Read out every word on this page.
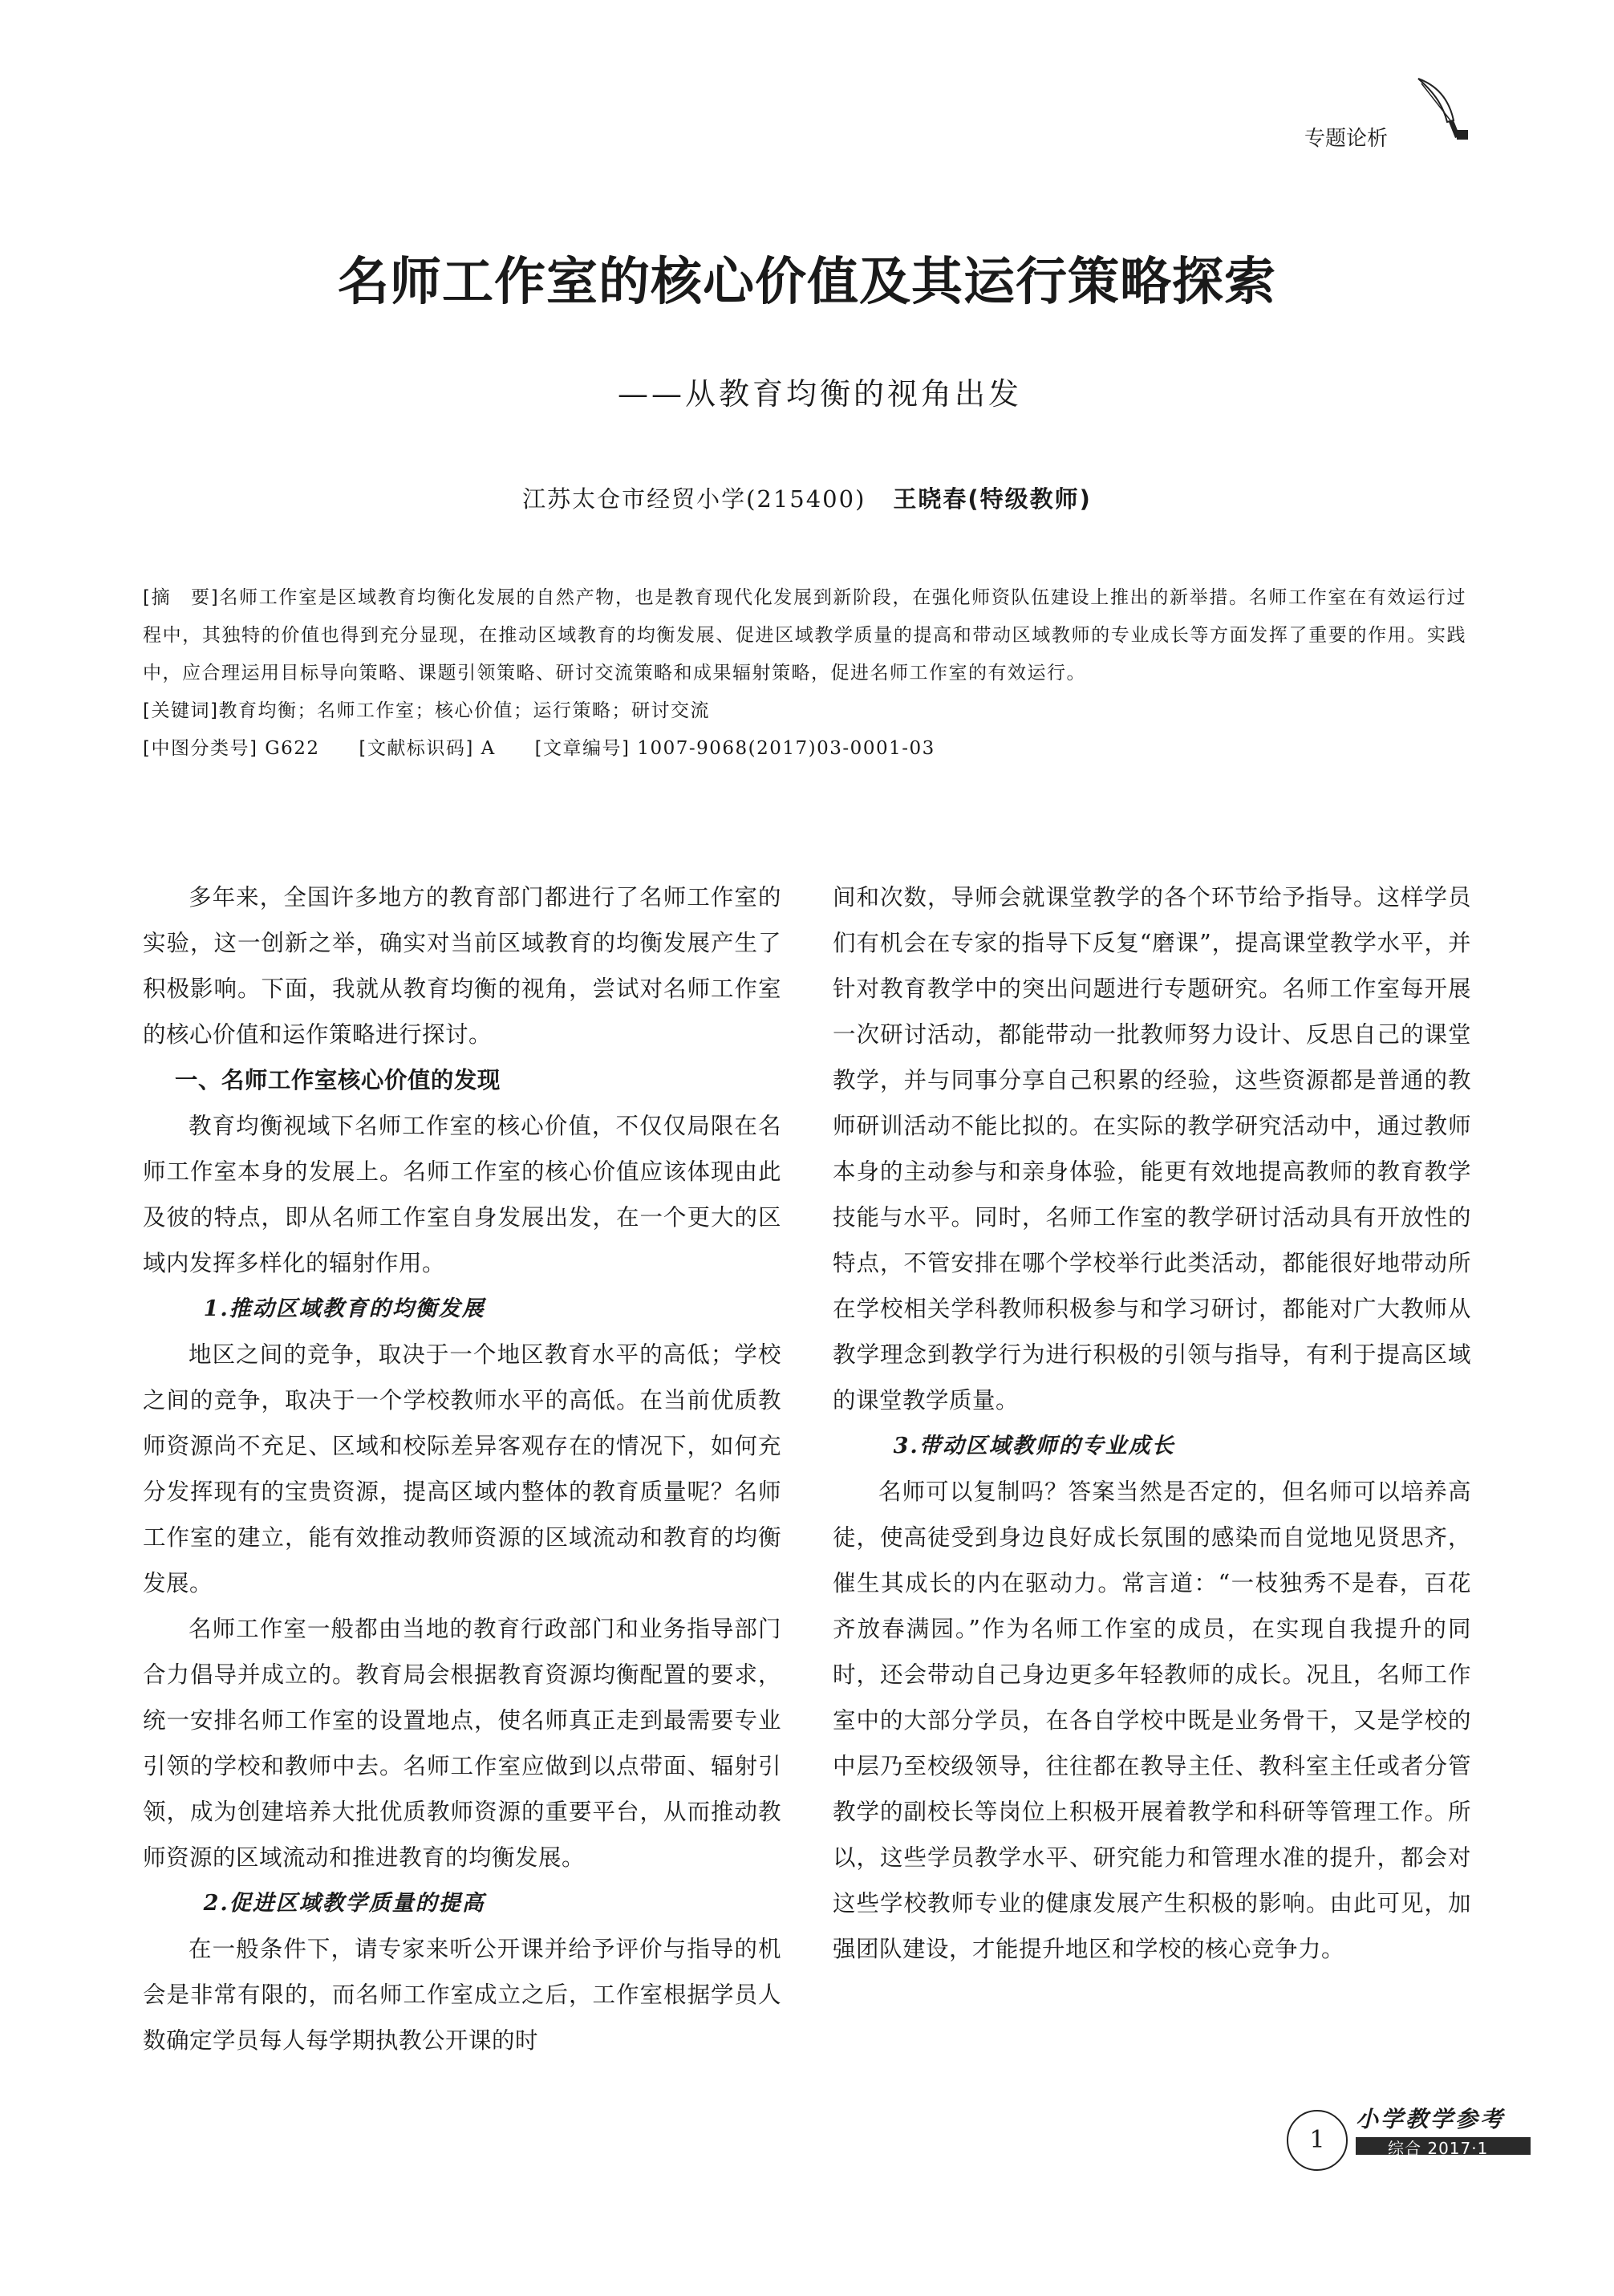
专题论析
名师工作室的核心价值及其运行策略探索
——从教育均衡的视角出发
江苏太仓市经贸小学(215400) 王晓春(特级教师)

[摘　要]名师工作室是区域教育均衡化发展的自然产物，也是教育现代化发展到新阶段，在强化师资队伍建设上推出的新举措。名师工作室在有效运行过程中，其独特的价值也得到充分显现，在推动区域教育的均衡发展、促进区域教学质量的提高和带动区域教师的专业成长等方面发挥了重要的作用。实践中，应合理运用目标导向策略、课题引领策略、研讨交流策略和成果辐射策略，促进名师工作室的有效运行。

[关键词]教育均衡；名师工作室；核心价值；运行策略；研讨交流

[中图分类号] G622 [文献标识码] A [文章编号] 1007-9068(2017)03-0001-03

多年来，全国许多地方的教育部门都进行了名师工作室的实验，这一创新之举，确实对当前区域教育的均衡发展产生了积极影响。下面，我就从教育均衡的视角，尝试对名师工作室的核心价值和运作策略进行探讨。

一、名师工作室核心价值的发现

教育均衡视域下名师工作室的核心价值，不仅仅局限在名师工作室本身的发展上。名师工作室的核心价值应该体现由此及彼的特点，即从名师工作室自身发展出发，在一个更大的区域内发挥多样化的辐射作用。

1.推动区域教育的均衡发展

地区之间的竞争，取决于一个地区教育水平的高低；学校之间的竞争，取决于一个学校教师水平的高低。在当前优质教师资源尚不充足、区域和校际差异客观存在的情况下，如何充分发挥现有的宝贵资源，提高区域内整体的教育质量呢？名师工作室的建立，能有效推动教师资源的区域流动和教育的均衡发展。

名师工作室一般都由当地的教育行政部门和业务指导部门合力倡导并成立的。教育局会根据教育资源均衡配置的要求，统一安排名师工作室的设置地点，使名师真正走到最需要专业引领的学校和教师中去。名师工作室应做到以点带面、辐射引领，成为创建培养大批优质教师资源的重要平台，从而推动教师资源的区域流动和推进教育的均衡发展。

2.促进区域教学质量的提高

在一般条件下，请专家来听公开课并给予评价与指导的机会是非常有限的，而名师工作室成立之后，工作室根据学员人数确定学员每人每学期执教公开课的时

间和次数，导师会就课堂教学的各个环节给予指导。这样学员们有机会在专家的指导下反复“磨课”，提高课堂教学水平，并针对教育教学中的突出问题进行专题研究。名师工作室每开展一次研讨活动，都能带动一批教师努力设计、反思自己的课堂教学，并与同事分享自己积累的经验，这些资源都是普通的教师研训活动不能比拟的。在实际的教学研究活动中，通过教师本身的主动参与和亲身体验，能更有效地提高教师的教育教学技能与水平。同时，名师工作室的教学研讨活动具有开放性的特点，不管安排在哪个学校举行此类活动，都能很好地带动所在学校相关学科教师积极参与和学习研讨，都能对广大教师从教学理念到教学行为进行积极的引领与指导，有利于提高区域的课堂教学质量。

3.带动区域教师的专业成长

名师可以复制吗？答案当然是否定的，但名师可以培养高徒，使高徒受到身边良好成长氛围的感染而自觉地见贤思齐，催生其成长的内在驱动力。常言道：“一枝独秀不是春，百花齐放春满园。”作为名师工作室的成员，在实现自我提升的同时，还会带动自己身边更多年轻教师的成长。况且，名师工作室中的大部分学员，在各自学校中既是业务骨干，又是学校的中层乃至校级领导，往往都在教导主任、教科室主任或者分管教学的副校长等岗位上积极开展着教学和科研等管理工作。所以，这些学员教学水平、研究能力和管理水准的提升，都会对这些学校教师专业的健康发展产生积极的影响。由此可见，加强团队建设，才能提升地区和学校的核心竞争力。

1
小学教学参考
综合 2017·1
